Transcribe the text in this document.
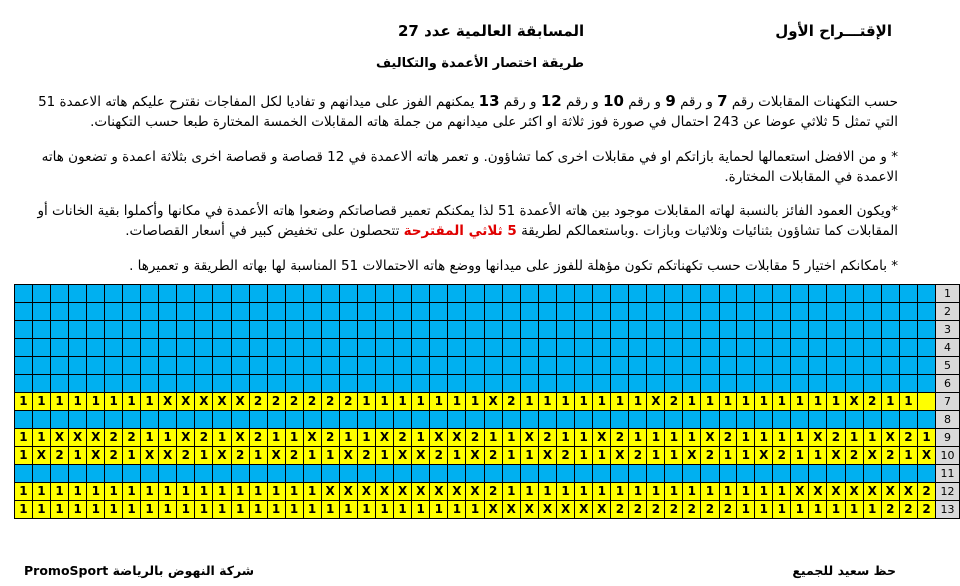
المسابقة العالمية عدد 27	الإقتـــراح الأول
طريقة اختصار الأعمدة والتكاليف
حسب التكهنات المقابلات رقم 7 و رقم 9 و رقم 10 و رقم 12 و رقم 13 يمكنهم الفوز على ميدانهم و تفاديا لكل المفاجات نقترح عليكم هاته الاعمدة 51 التي تمثل 5 ثلاثي عوضا عن 243 احتمال في صورة فوز ثلاثة او اكثر على ميدانهم من جملة هاته المقابلات الخمسة المختارة طبعا حسب التكهنات.
* و من الافضل استعمالها لحماية بازاتكم او في مقابلات اخرى كما تشاؤون. و تعمر هاته الاعمدة في 12 قصاصة و قصاصة اخرى بثلاثة اعمدة و تضعون هاته الاعمدة في المقابلات المختارة.
*ويكون العمود الفائز بالنسبة لهاته المقابلات موجود بين هاته الأعمدة 51 لذا يمكنكم تعمير قصاصاتكم وضعوا هاته الأعمدة في مكانها وأكملوا بقية الخانات أو المقابلات كما تشاؤون بثنائيات وثلاثيات وبازات .وباستعمالكم لطريقة 5 ثلاثي المقترحة تتحصلون على تخفيض كبير في أسعار القصاصات.
* بامكانكم اختيار 5 مقابلات حسب تكهناتكم تكون مؤهلة للفوز على ميدانها ووضع هاته الاحتمالات 51 المناسبة لها بهاته الطريقة و تعميرها .
																																																			1
																																																			2
																																																			3
																																																			4
																																																			5
																																																			6
1	1	1	1	1	1	1	1	X	X	X	X	X	2	2	2	2	2	2	1	1	1	1	1	1	1	X	2	1	1	1	1	1	1	1	X	2	1	1	1	1	1	1	1	1	1	X	2	1	1		7
																																																			8
1	1	X	X	X	2	2	1	1	X	2	1	X	2	1	1	X	2	1	1	X	2	1	X	X	2	1	1	X	2	1	1	X	2	1	1	1	1	X	2	1	1	1	1	X	2	1	1	X	2	1	9
1	X	2	1	X	2	1	X	X	2	1	X	2	1	X	2	1	1	X	2	1	X	X	2	1	X	2	1	1	X	2	1	1	X	2	1	1	X	2	1	1	X	2	1	1	X	2	X	2	1	X	10
																																																			11
1	1	1	1	1	1	1	1	1	1	1	1	1	1	1	1	1	X	X	X	X	X	X	X	X	X	2	1	1	1	1	1	1	1	1	1	1	1	1	1	1	1	1	X	X	X	X	X	X	X	2	12
1	1	1	1	1	1	1	1	1	1	1	1	1	1	1	1	1	1	1	1	1	1	1	1	1	1	X	X	X	X	X	X	X	2	2	2	2	2	2	2	1	1	1	1	1	1	1	1	2	2	2	13
PromoSport شركة النهوض بالرياضة	حظ سعيد للجميع
